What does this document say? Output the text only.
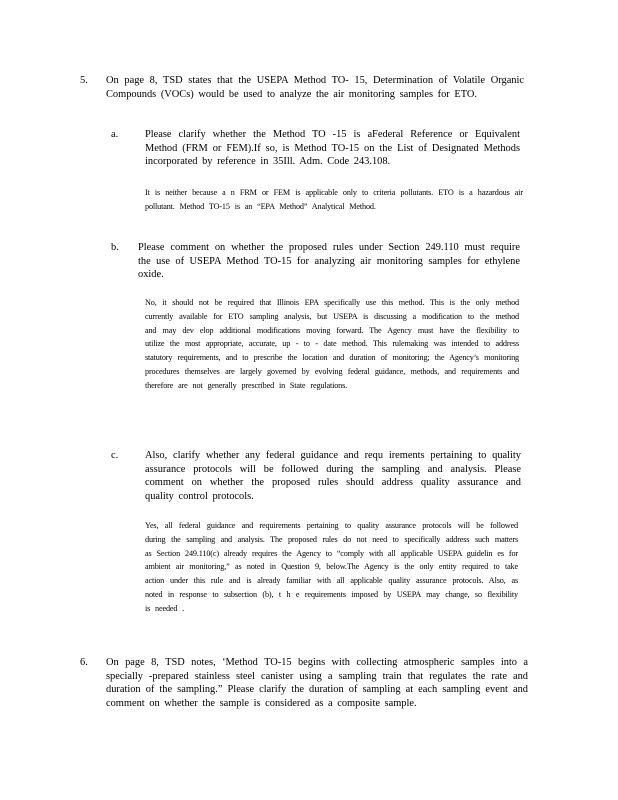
5. On page 8, TSD states that the USEPA Method TO- 15, Determination of Volatile Organic Compounds (VOCs) would be used to analyze the air monitoring samples for ETO.
a.	Please clarify whether the Method TO -15 is aFederal Reference or Equivalent Method (FRM or FEM).If so, is Method TO-15 on the List of Designated Methods incorporated by reference in 35Ill. Adm. Code 243.108.
It is neither because a n FRM or FEM is applicable only to criteria pollutants. ETO is a hazardous air pollutant. Method TO-15 is an “EPA Method” Analytical Method.
b. Please comment on whether the proposed rules under Section 249.110 must require the use of USEPA Method TO-15 for analyzing air monitoring samples for ethylene oxide.
No, it should not be required that Illinois EPA specifically use this method. This is the only method currently available for ETO sampling analysis, but USEPA is discussing a modification to the method and may dev elop additional modifications moving forward. The Agency must have the flexibility to utilize the most appropriate, accurate, up - to - date method. This rulemaking was intended to address statutory requirements, and to prescribe the location and duration of monitoring; the Agency’s monitoring procedures themselves are largely governed by evolving federal guidance, methods, and requirements and therefore are not generally prescribed in State regulations.
c.	Also, clarify whether any federal guidance and requ irements pertaining to quality assurance protocols will be followed during the sampling and analysis. Please comment on whether the proposed rules should address quality assurance and quality control protocols.
Yes, all federal guidance and requirements pertaining to quality assurance protocols will be followed during the sampling and analysis. The proposed rules do not need to specifically address such matters as Section 249.110(c) already requires the Agency to “comply with all applicable USEPA guidelin es for ambient air monitoring,” as noted in Question 9, below.The Agency is the only entity required to take action under this rule and is already familiar with all applicable quality assurance protocols. Also, as noted in response to subsection (b), t h e requirements imposed by USEPA may change, so flexibility is needed .
6. On page 8, TSD notes, ‘Method TO-15 begins with collecting atmospheric samples into a specially -prepared stainless steel canister using a sampling train that regulates the rate and duration of the sampling.” Please clarify the duration of sampling at each sampling event and comment on whether the sample is considered as a composite sample.
